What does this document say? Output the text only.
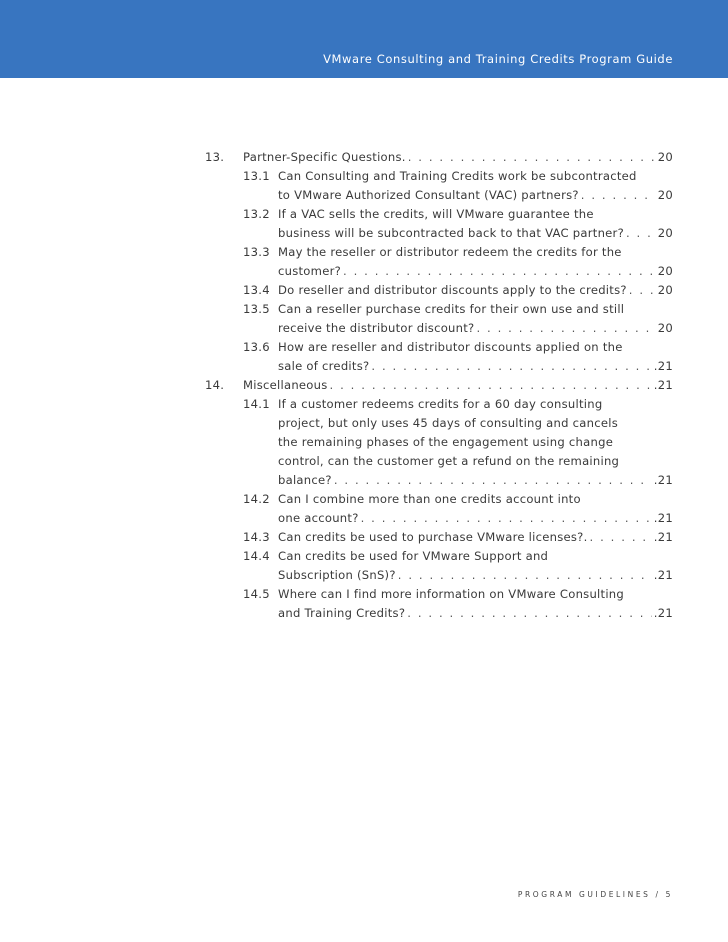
VMware Consulting and Training Credits Program Guide
13. Partner-Specific Questions. . . .	20
13.1 Can Consulting and Training Credits work be subcontracted
to VMware Authorized Consultant (VAC) partners? . . .	20
13.2 If a VAC sells the credits, will VMware guarantee the
business will be subcontracted back to that VAC partner? . . .	20
13.3 May the reseller or distributor redeem the credits for the
customer? . . .	20
13.4 Do reseller and distributor discounts apply to the credits? . . .	20
13.5 Can a reseller purchase credits for their own use and still
receive the distributor discount? . . .	20
13.6 How are reseller and distributor discounts applied on the
sale of credits? . . .	.21
14. Miscellaneous . . .	.21
14.1 If a customer redeems credits for a 60 day consulting
project, but only uses 45 days of consulting and cancels
the remaining phases of the engagement using change
control, can the customer get a refund on the remaining
balance? . . .	.21
14.2 Can I combine more than one credits account into
one account? . . .	.21
14.3 Can credits be used to purchase VMware licenses?. . . .	.21
14.4 Can credits be used for VMware Support and
Subscription (SnS)? . . .	.21
14.5 Where can I find more information on VMware Consulting
and Training Credits? . . .	.21
PROGRAM GUIDELINES / 5
